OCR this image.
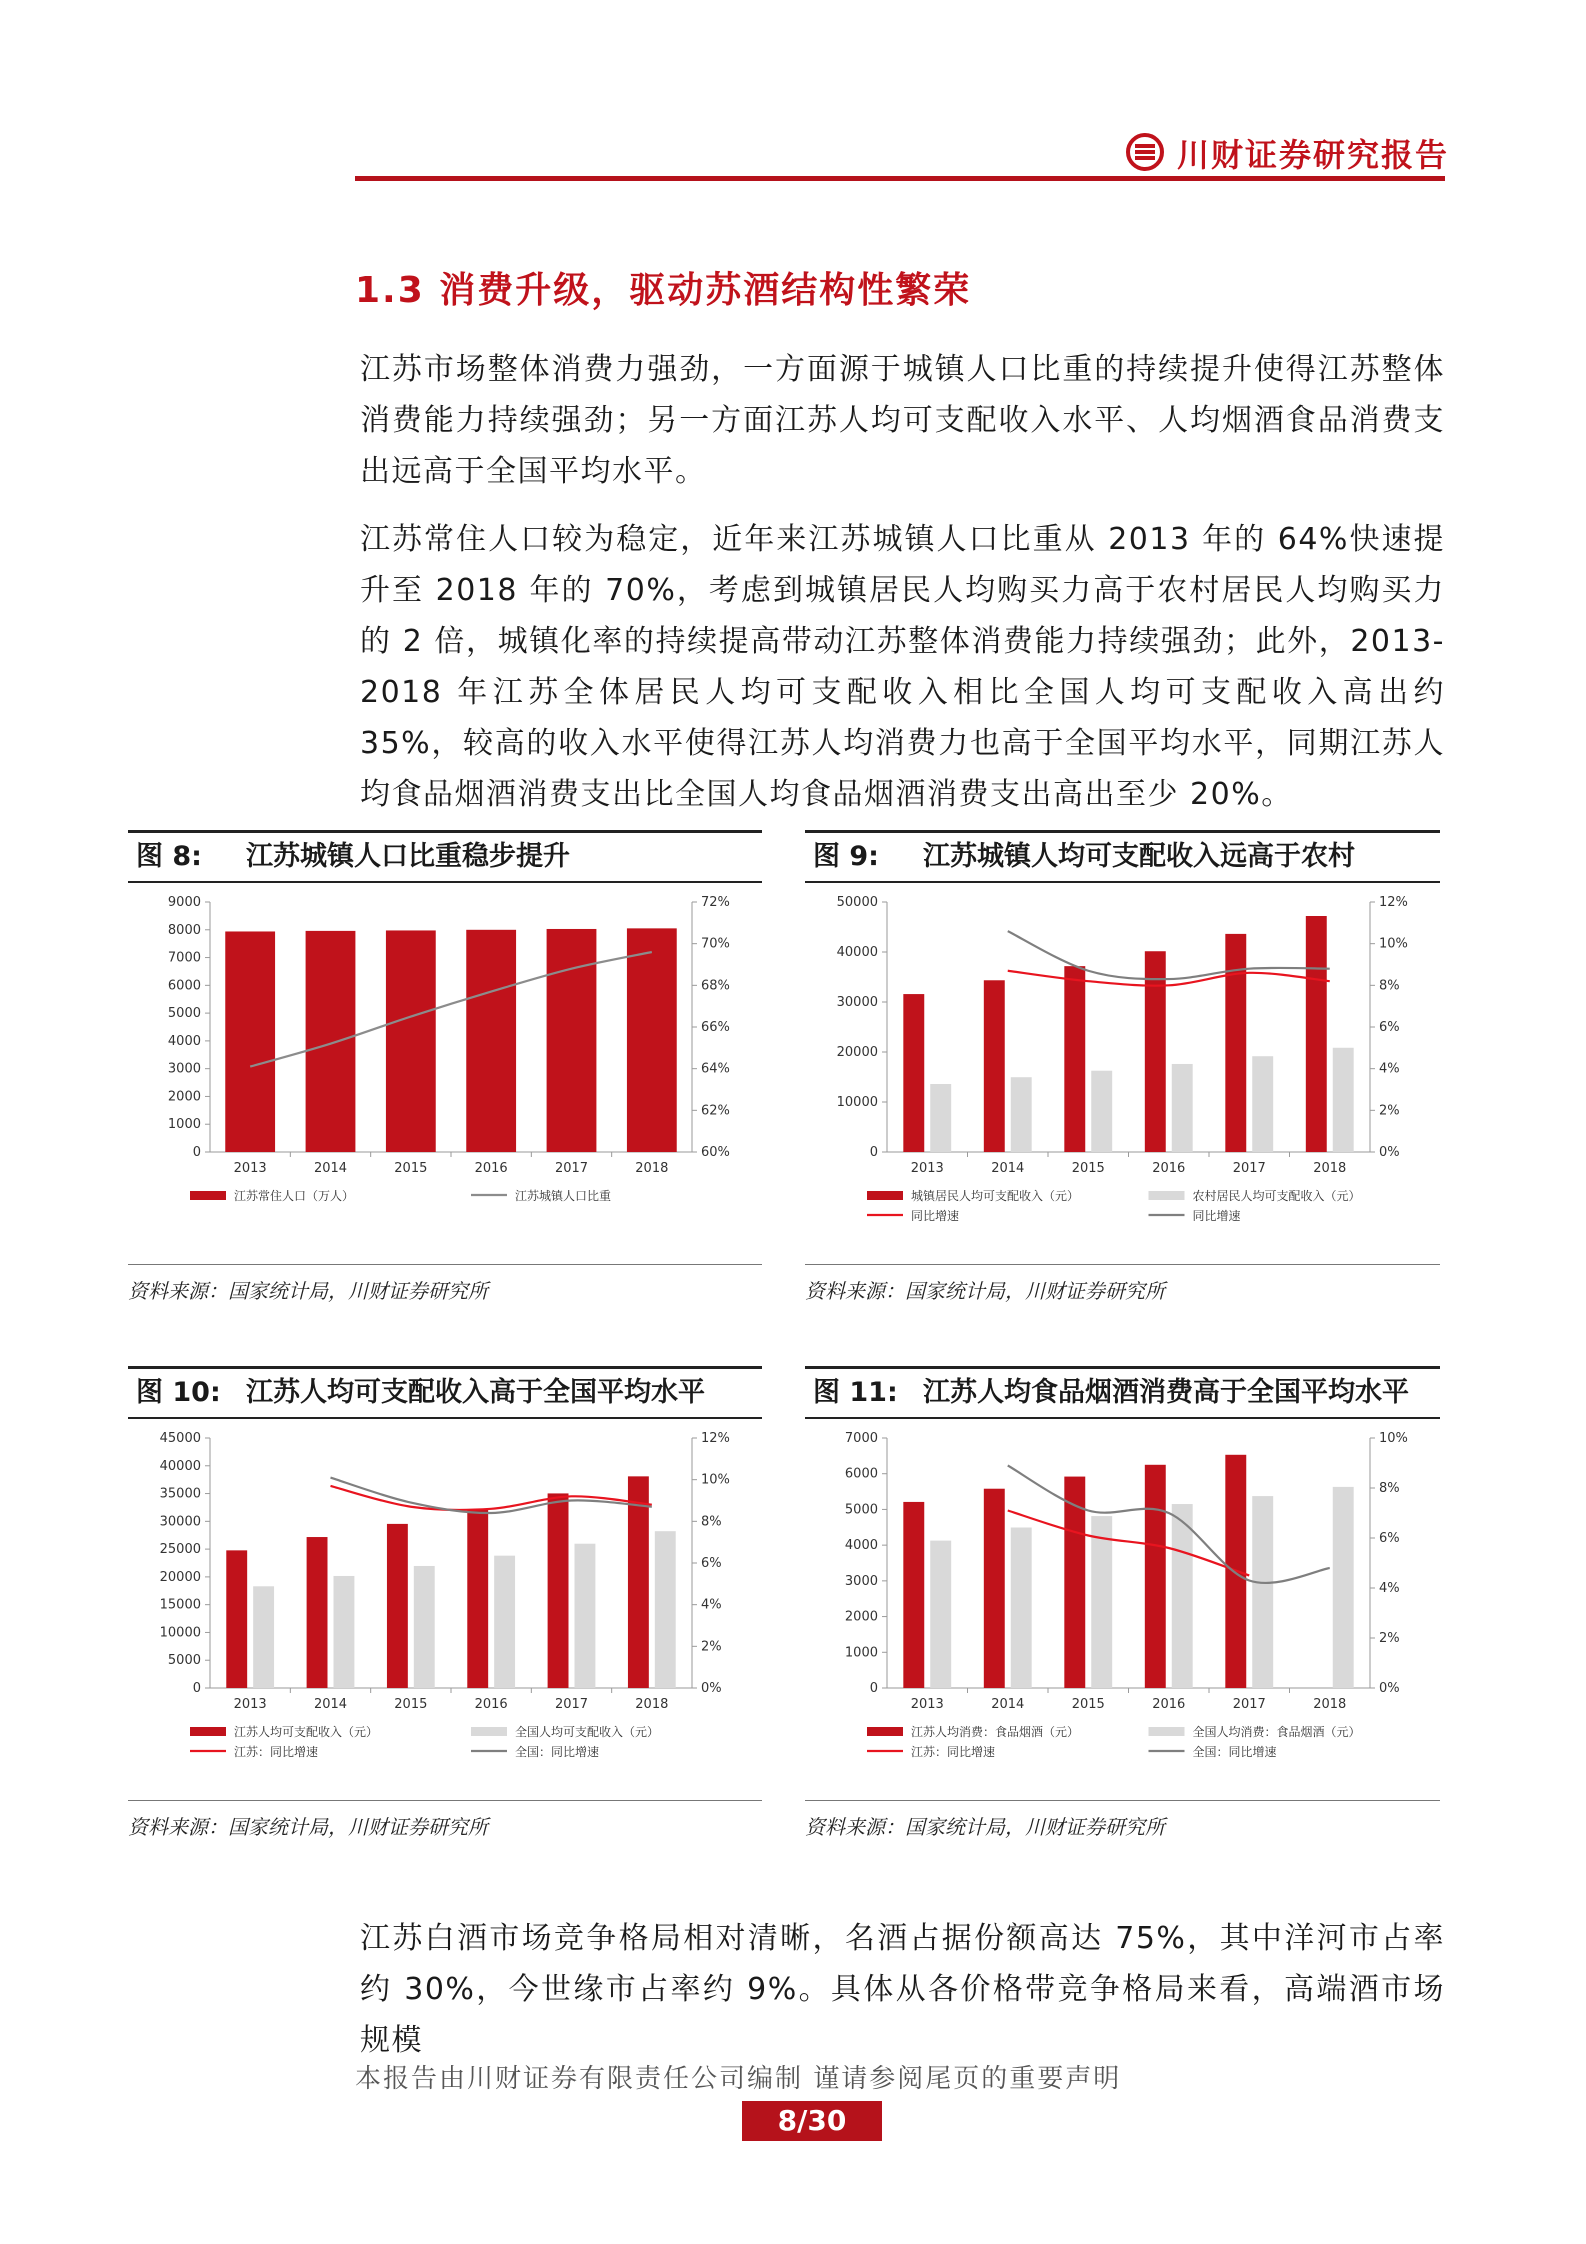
川财证券研究报告
1.3 消费升级，驱动苏酒结构性繁荣

江苏市场整体消费力强劲，一方面源于城镇人口比重的持续提升使得江苏整体消费能力持续强劲；另一方面江苏人均可支配收入水平、人均烟酒食品消费支出远高于全国平均水平。

江苏常住人口较为稳定，近年来江苏城镇人口比重从 2013 年的 64%快速提升至 2018 年的 70%，考虑到城镇居民人均购买力高于农村居民人均购买力的 2 倍，城镇化率的持续提高带动江苏整体消费能力持续强劲；此外，2013-2018 年江苏全体居民人均可支配收入相比全国人均可支配收入高出约 35%，较高的收入水平使得江苏人均消费力也高于全国平均水平，同期江苏人均食品烟酒消费支出比全国人均食品烟酒消费支出高出至少 20%。

图 8: 江苏城镇人口比重稳步提升
0
1000
2000
3000
4000
5000
6000
7000
8000
9000
60%
62%
64%
66%
68%
70%
72%
2013	2014	2015	2016	2017	2018
江苏常住人口（万人）	江苏城镇人口比重
资料来源：国家统计局，川财证券研究所
图 9: 江苏城镇人均可支配收入远高于农村
0
10000
20000
30000
40000
50000
0%
2%
4%
6%
8%
10%
12%
2013	2014	2015	2016	2017	2018
城镇居民人均可支配收入（元）	农村居民人均可支配收入（元）
同比增速	同比增速
资料来源：国家统计局，川财证券研究所
图 10: 江苏人均可支配收入高于全国平均水平
0
5000
10000
15000
20000
25000
30000
35000
40000
45000
0%
2%
4%
6%
8%
10%
12%
2013	2014	2015	2016	2017	2018
江苏人均可支配收入（元）	全国人均可支配收入（元）
江苏：同比增速	全国：同比增速
资料来源：国家统计局，川财证券研究所
图 11: 江苏人均食品烟酒消费高于全国平均水平
0
1000
2000
3000
4000
5000
6000
7000
0%
2%
4%
6%
8%
10%
2013	2014	2015	2016	2017	2018
江苏人均消费：食品烟酒（元）	全国人均消费：食品烟酒（元）
江苏：同比增速	全国：同比增速
资料来源：国家统计局，川财证券研究所

江苏白酒市场竞争格局相对清晰，名酒占据份额高达 75%，其中洋河市占率约 30%，今世缘市占率约 9%。具体从各价格带竞争格局来看，高端酒市场规模

本报告由川财证券有限责任公司编制 谨请参阅尾页的重要声明
8/30
